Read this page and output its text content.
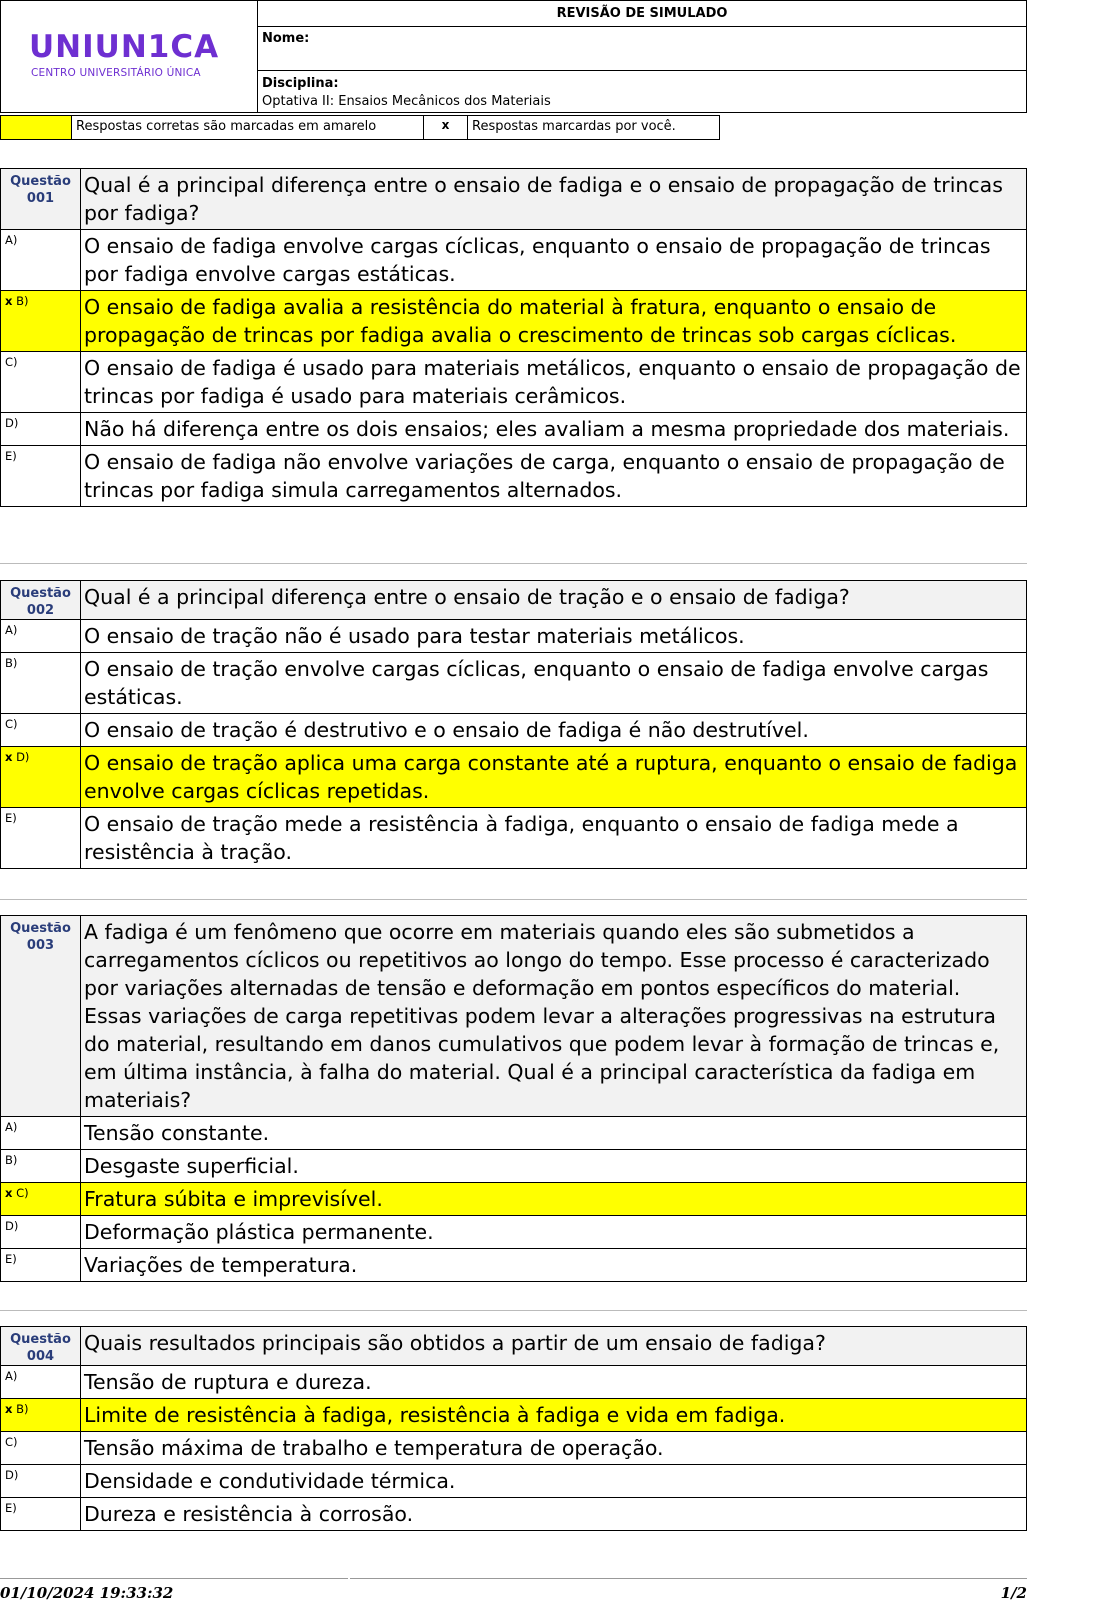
UNIUN1CA
CENTRO UNIVERSITÁRIO ÚNICA
REVISÃO DE SIMULADO
Nome:
Disciplina:
Optativa II: Ensaios Mecânicos dos Materiais
Respostas corretas são marcadas em amarelo	x	Respostas marcardas por você.
Questão
001	Qual é a principal diferença entre o ensaio de fadiga e o ensaio de propagação de trincas por fadiga?
A)	O ensaio de fadiga envolve cargas cíclicas, enquanto o ensaio de propagação de trincas por fadiga envolve cargas estáticas.
x B)	O ensaio de fadiga avalia a resistência do material à fratura, enquanto o ensaio de propagação de trincas por fadiga avalia o crescimento de trincas sob cargas cíclicas.
C)	O ensaio de fadiga é usado para materiais metálicos, enquanto o ensaio de propagação de trincas por fadiga é usado para materiais cerâmicos.
D)	Não há diferença entre os dois ensaios; eles avaliam a mesma propriedade dos materiais.
E)	O ensaio de fadiga não envolve variações de carga, enquanto o ensaio de propagação de trincas por fadiga simula carregamentos alternados.
Questão
002	Qual é a principal diferença entre o ensaio de tração e o ensaio de fadiga?
A)	O ensaio de tração não é usado para testar materiais metálicos.
B)	O ensaio de tração envolve cargas cíclicas, enquanto o ensaio de fadiga envolve cargas estáticas.
C)	O ensaio de tração é destrutivo e o ensaio de fadiga é não destrutível.
x D)	O ensaio de tração aplica uma carga constante até a ruptura, enquanto o ensaio de fadiga envolve cargas cíclicas repetidas.
E)	O ensaio de tração mede a resistência à fadiga, enquanto o ensaio de fadiga mede a resistência à tração.
Questão
003	A fadiga é um fenômeno que ocorre em materiais quando eles são submetidos a carregamentos cíclicos ou repetitivos ao longo do tempo. Esse processo é caracterizado por variações alternadas de tensão e deformação em pontos específicos do material. Essas variações de carga repetitivas podem levar a alterações progressivas na estrutura do material, resultando em danos cumulativos que podem levar à formação de trincas e, em última instância, à falha do material. Qual é a principal característica da fadiga em materiais?
A)	Tensão constante.
B)	Desgaste superficial.
x C)	Fratura súbita e imprevisível.
D)	Deformação plástica permanente.
E)	Variações de temperatura.
Questão
004	Quais resultados principais são obtidos a partir de um ensaio de fadiga?
A)	Tensão de ruptura e dureza.
x B)	Limite de resistência à fadiga, resistência à fadiga e vida em fadiga.
C)	Tensão máxima de trabalho e temperatura de operação.
D)	Densidade e condutividade térmica.
E)	Dureza e resistência à corrosão.
01/10/2024 19:33:32	1/2
